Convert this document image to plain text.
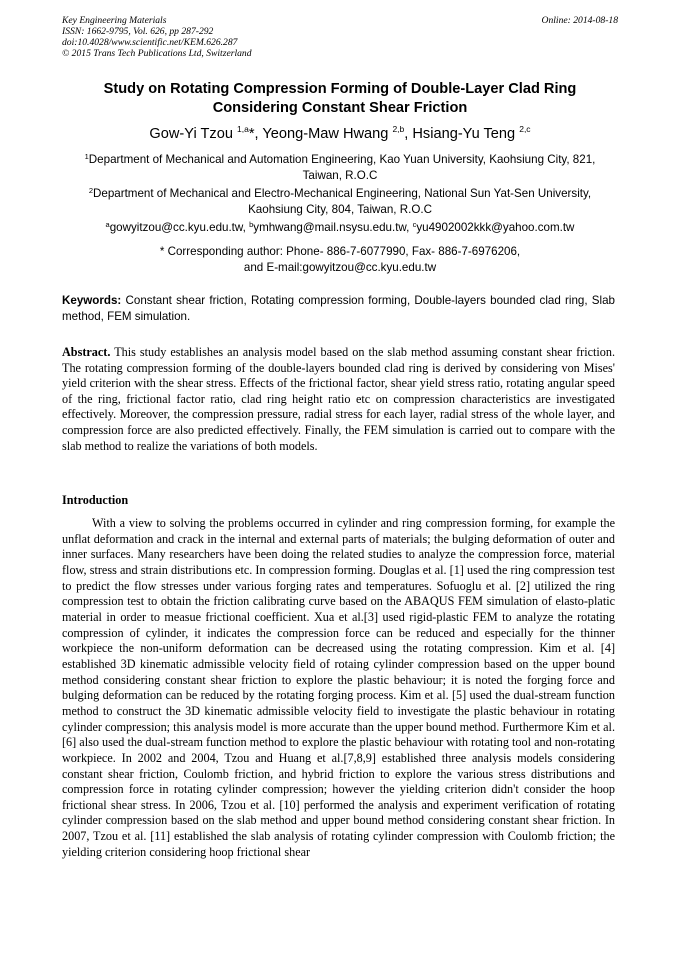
Key Engineering Materials
ISSN: 1662-9795, Vol. 626, pp 287-292
doi:10.4028/www.scientific.net/KEM.626.287
© 2015 Trans Tech Publications Ltd, Switzerland
Online: 2014-08-18
Study on Rotating Compression Forming of Double-Layer Clad Ring
Considering Constant Shear Friction
Gow-Yi Tzou $^{1,a}$*, Yeong-Maw Hwang $^{2,b}$, Hsiang-Yu Teng $^{2,c}$
$^1$Department of Mechanical and Automation Engineering, Kao Yuan University, Kaohsiung City, 821,
Taiwan, R.O.C
$^2$Department of Mechanical and Electro-Mechanical Engineering, National Sun Yat-Sen University,
Kaohsiung City, 804, Taiwan, R.O.C
$^a$gowyitzou@cc.kyu.edu.tw, $^b$ymhwang@mail.nsysu.edu.tw, $^c$yu4902002kkk@yahoo.com.tw
* Corresponding author: Phone- 886-7-6077990, Fax- 886-7-6976206,
and E-mail:gowyitzou@cc.kyu.edu.tw
Keywords: Constant shear friction, Rotating compression forming, Double-layers bounded clad ring, Slab method, FEM simulation.
Abstract. This study establishes an analysis model based on the slab method assuming constant shear friction. The rotating compression forming of the double-layers bounded clad ring is derived by considering von Mises' yield criterion with the shear stress. Effects of the frictional factor, shear yield stress ratio, rotating angular speed of the ring, frictional factor ratio, clad ring height ratio etc on compression characteristics are investigated effectively. Moreover, the compression pressure, radial stress for each layer, radial stress of the whole layer, and compression force are also predicted effectively. Finally, the FEM simulation is carried out to compare with the slab method to realize the variations of both models.
Introduction
With a view to solving the problems occurred in cylinder and ring compression forming, for example the unflat deformation and crack in the internal and external parts of materials; the bulging deformation of outer and inner surfaces. Many researchers have been doing the related studies to analyze the compression force, material flow, stress and strain distributions etc. In compression forming. Douglas et al. [1] used the ring compression test to predict the flow stresses under various forging rates and temperatures. Sofuoglu et al. [2] utilized the ring compression test to obtain the friction calibrating curve based on the ABAQUS FEM simulation of elasto-platic material in order to measue frictional coefficient. Xua et al.[3] used rigid-plastic FEM to analyze the rotating compression of cylinder, it indicates the compression force can be reduced and especially for the thinner workpiece the non-uniform deformation can be decreased using the rotating compression. Kim et al. [4] established 3D kinematic admissible velocity field of rotaing cylinder compression based on the upper bound method considering constant shear friction to explore the plastic behaviour; it is noted the forging force and bulging deformation can be reduced by the rotating forging process. Kim et al. [5] used the dual-stream function method to construct the 3D kinematic admissible velocity field to investigate the plastic behaviour in rotating cylinder compression; this analysis model is more accurate than the upper bound method. Furthermore Kim et al. [6] also used the dual-stream function method to explore the plastic behaviour with rotating tool and non-rotating workpiece. In 2002 and 2004, Tzou and Huang et al.[7,8,9] established three analysis models considering constant shear friction, Coulomb friction, and hybrid friction to explore the various stress distributions and compression force in rotating cylinder compression; however the yielding criterion didn't consider the hoop frictional shear stress. In 2006, Tzou et al. [10] performed the analysis and experiment verification of rotating cylinder compression based on the slab method and upper bound method considering constant shear friction. In 2007, Tzou et al. [11] established the slab analysis of rotating cylinder compression with Coulomb friction; the yielding criterion considering hoop frictional shear
